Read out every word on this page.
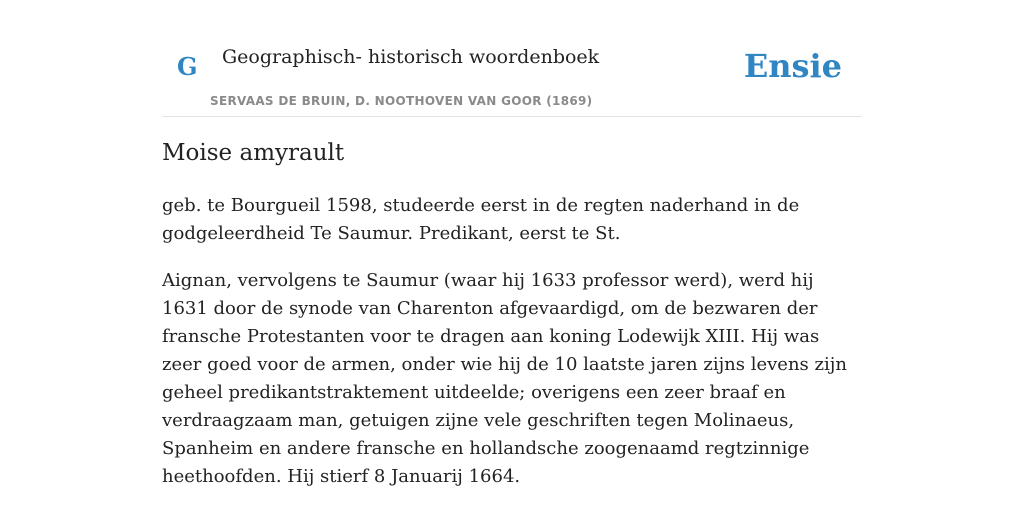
G Geographisch- historisch woordenboek
SERVAAS DE BRUIN, D. NOOTHOVEN VAN GOOR (1869)
Ensie
Moise amyrault

geb. te Bourgueil 1598, studeerde eerst in de regten naderhand in de godgeleerdheid Te Saumur. Predikant, eerst te St.

Aignan, vervolgens te Saumur (waar hij 1633 professor werd), werd hij 1631 door de synode van Charenton afgevaardigd, om de bezwaren der fransche Protestanten voor te dragen aan koning Lodewijk XIII. Hij was zeer goed voor de armen, onder wie hij de 10 laatste jaren zijns levens zijn geheel predikantstraktement uitdeelde; overigens een zeer braaf en verdraagzaam man, getuigen zijne vele geschriften tegen Molinaeus, Spanheim en andere fransche en hollandsche zoogenaamd regtzinnige heethoofden. Hij stierf 8 Januarij 1664.
